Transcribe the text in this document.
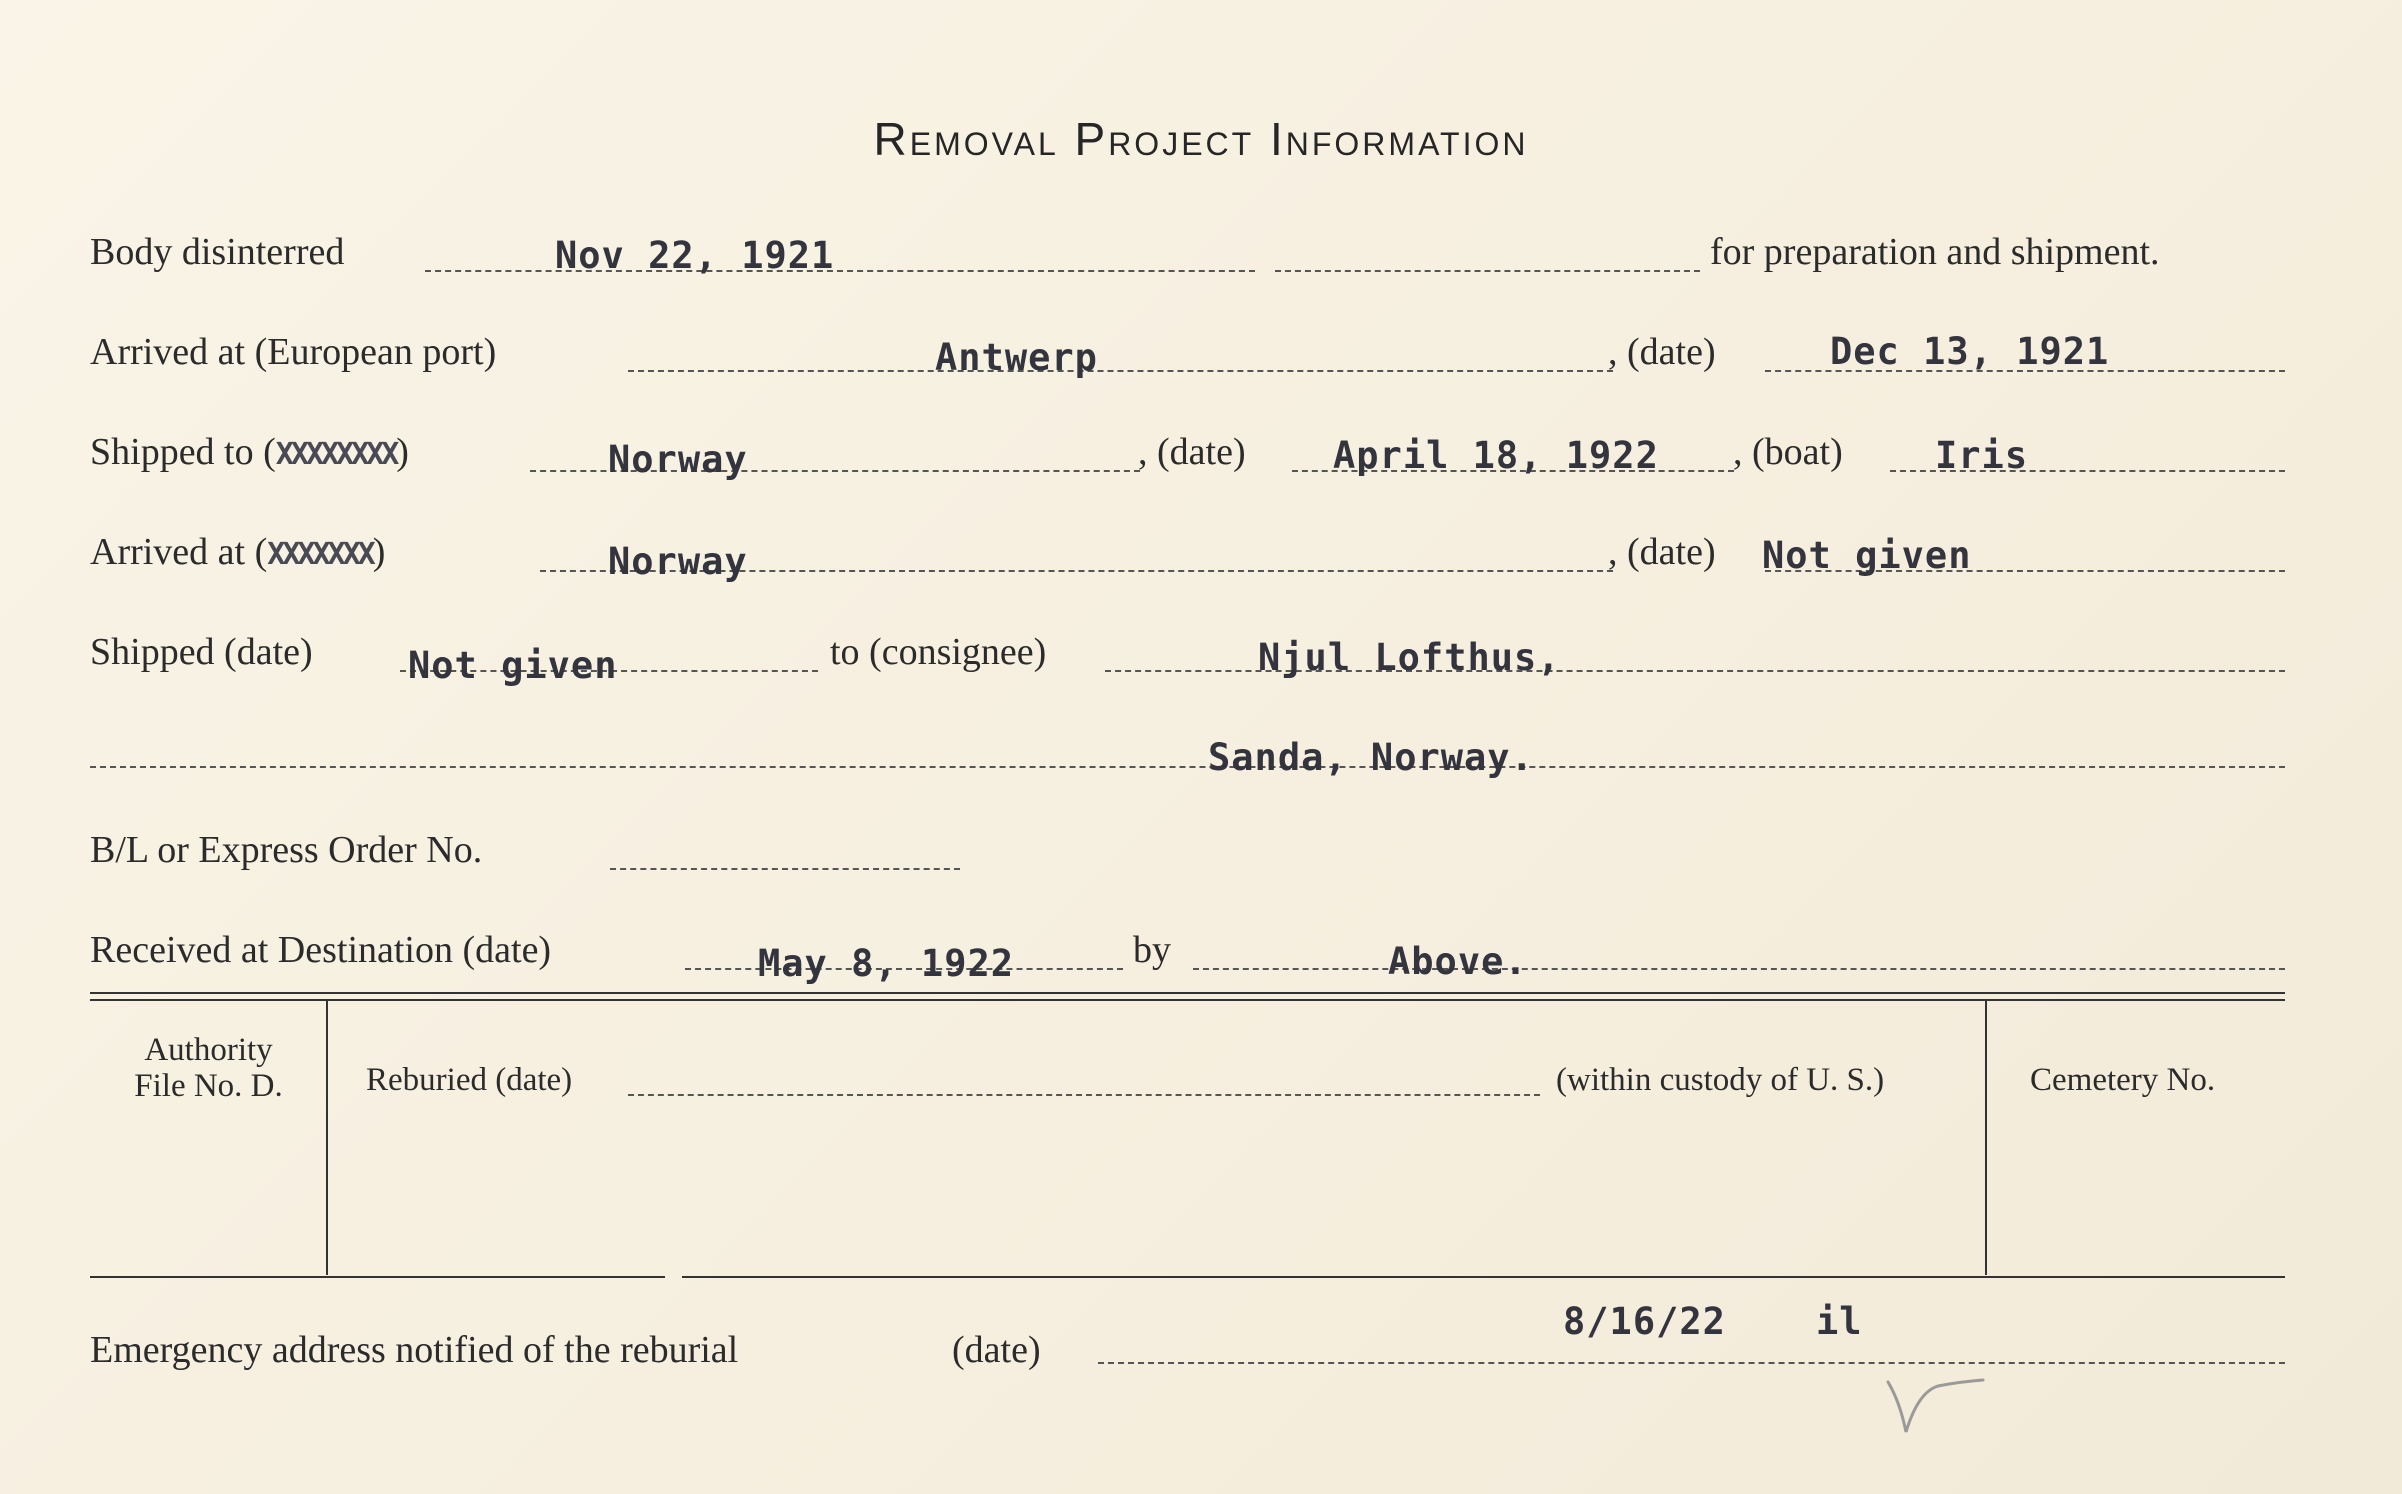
Removal Project Information
Body disinterred	Nov 22, 1921	for preparation and shipment.
Arrived at (European port)	Antwerp	, (date)	Dec 13, 1921
Shipped to (XXXXXXXX)	Norway	, (date) April 18, 1922 , (boat) Iris
Arrived at (XXXXXXX)	Norway	, (date) Not given
Shipped (date)	Not given	to (consignee)	Njul Lofthus,
Sanda, Norway.
B/L or Express Order No.
Received at Destination (date)	May 8, 1922	by	Above.
Authority
File No. D.	Reburied (date)	(within custody of U. S.)	Cemetery No.
Emergency address notified of the reburial	(date)
8/16/22 il
